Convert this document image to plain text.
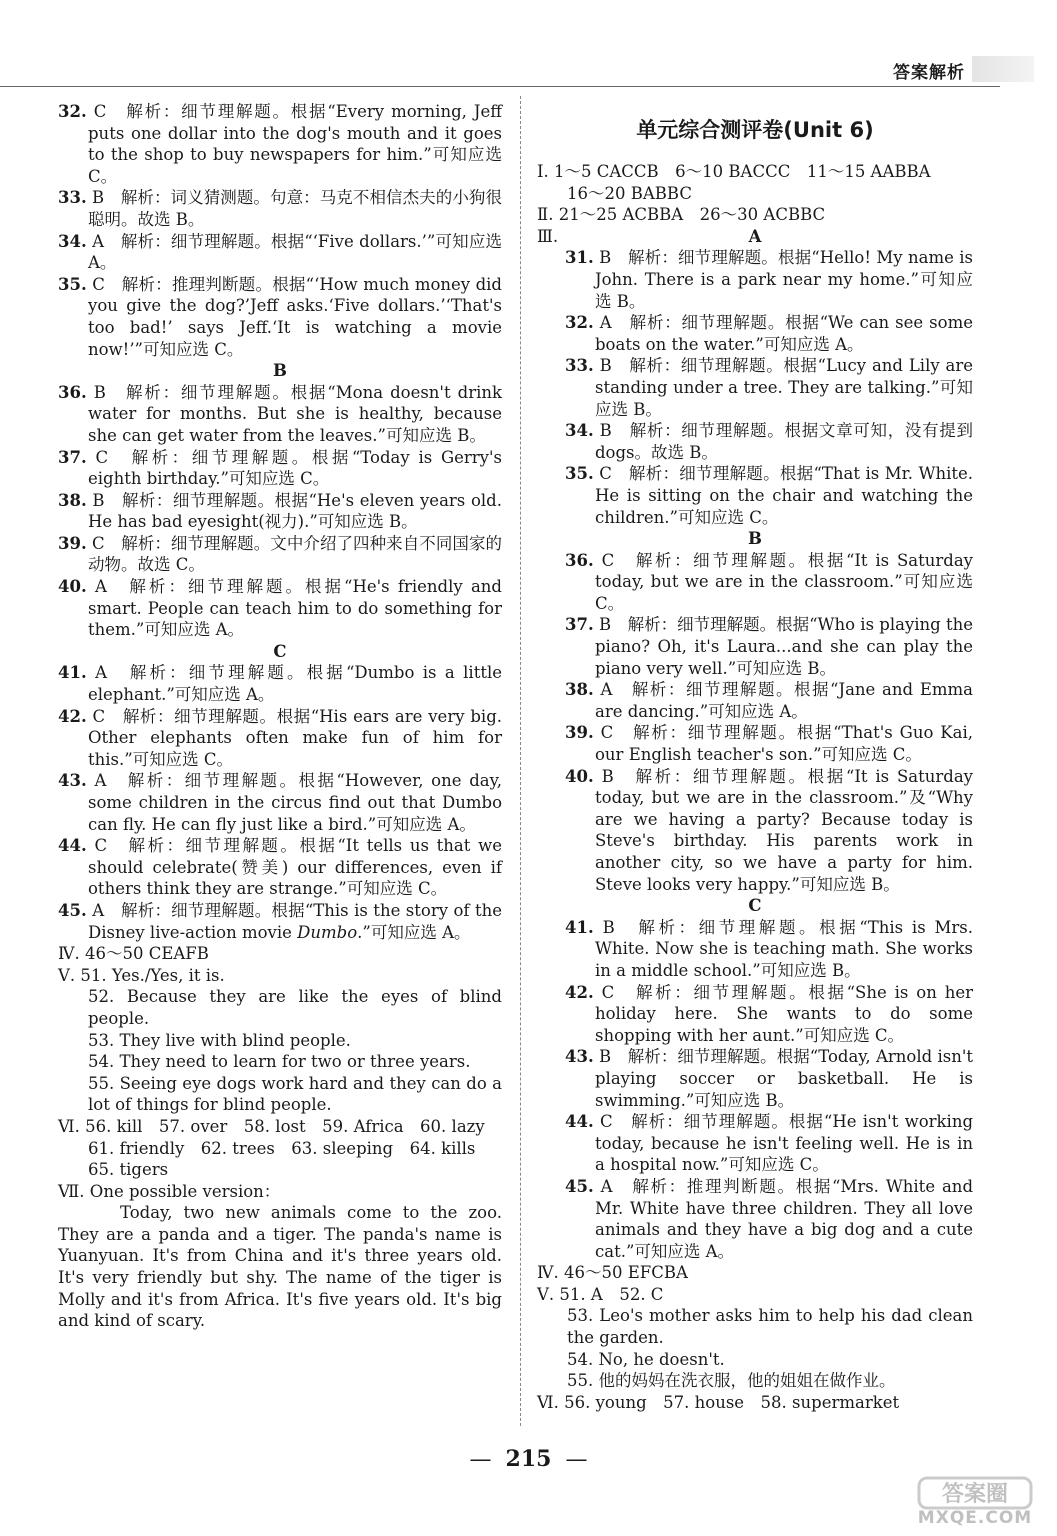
答案解析

32. C　解析：细节理解题。根据“Every morning, Jeff puts one dollar into the dog's mouth and it goes to the shop to buy newspapers for him.”可知应选 C。

33. B　解析：词义猜测题。句意：马克不相信杰夫的小狗很聪明。故选 B。

34. A　解析：细节理解题。根据“‘Five dollars.’”可知应选 A。

35. C　解析：推理判断题。根据“‘How much money did you give the dog?’Jeff asks.‘Five dollars.’‘That's too bad!’ says Jeff.‘It is watching a movie now!’”可知应选 C。

B

36. B　解析：细节理解题。根据“Mona doesn't drink water for months. But she is healthy, because she can get water from the leaves.”可知应选 B。

37. C　解析：细节理解题。根据“Today is Gerry's eighth birthday.”可知应选 C。

38. B　解析：细节理解题。根据“He's eleven years old. He has bad eyesight(视力).”可知应选 B。

39. C　解析：细节理解题。文中介绍了四种来自不同国家的动物。故选 C。

40. A　解析：细节理解题。根据“He's friendly and smart. People can teach him to do something for them.”可知应选 A。

C

41. A　解析：细节理解题。根据“Dumbo is a little elephant.”可知应选 A。

42. C　解析：细节理解题。根据“His ears are very big. Other elephants often make fun of him for this.”可知应选 C。

43. A　解析：细节理解题。根据“However, one day, some children in the circus find out that Dumbo can fly. He can fly just like a bird.”可知应选 A。

44. C　解析：细节理解题。根据“It tells us that we should celebrate(赞美) our differences, even if others think they are strange.”可知应选 C。

45. A　解析：细节理解题。根据“This is the story of the Disney live-action movie Dumbo.”可知应选 A。

Ⅳ. 46～50 CEAFB

Ⅴ. 51. Yes./Yes, it is.

52. Because they are like the eyes of blind people.

53. They live with blind people.

54. They need to learn for two or three years.

55. Seeing eye dogs work hard and they can do a lot of things for blind people.

Ⅵ. 56. kill　57. over　58. lost　59. Africa　60. lazy

61. friendly　62. trees　63. sleeping　64. kills

65. tigers

Ⅶ. One possible version：

Today, two new animals come to the zoo. They are a panda and a tiger. The panda's name is Yuanyuan. It's from China and it's three years old. It's very friendly but shy. The name of the tiger is Molly and it's from Africa. It's five years old. It's big and kind of scary.

单元综合测评卷(Unit 6)

Ⅰ. 1～5 CACCB　6～10 BACCC　11～15 AABBA

16～20 BABBC

Ⅱ. 21～25 ACBBA　26～30 ACBBC

Ⅲ.	A

31. B　解析：细节理解题。根据“Hello! My name is John. There is a park near my home.”可知应选 B。

32. A　解析：细节理解题。根据“We can see some boats on the water.”可知应选 A。

33. B　解析：细节理解题。根据“Lucy and Lily are standing under a tree. They are talking.”可知应选 B。

34. B　解析：细节理解题。根据文章可知，没有提到 dogs。故选 B。

35. C　解析：细节理解题。根据“That is Mr. White. He is sitting on the chair and watching the children.”可知应选 C。

B

36. C　解析：细节理解题。根据“It is Saturday today, but we are in the classroom.”可知应选 C。

37. B　解析：细节理解题。根据“Who is playing the piano? Oh, it's Laura...and she can play the piano very well.”可知应选 B。

38. A　解析：细节理解题。根据“Jane and Emma are dancing.”可知应选 A。

39. C　解析：细节理解题。根据“That's Guo Kai, our English teacher's son.”可知应选 C。

40. B　解析：细节理解题。根据“It is Saturday today, but we are in the classroom.”及“Why are we having a party? Because today is Steve's birthday. His parents work in another city, so we have a party for him. Steve looks very happy.”可知应选 B。

C

41. B　解析：细节理解题。根据“This is Mrs. White. Now she is teaching math. She works in a middle school.”可知应选 B。

42. C　解析：细节理解题。根据“She is on her holiday here. She wants to do some shopping with her aunt.”可知应选 C。

43. B　解析：细节理解题。根据“Today, Arnold isn't playing soccer or basketball. He is swimming.”可知应选 B。

44. C　解析：细节理解题。根据“He isn't working today, because he isn't feeling well. He is in a hospital now.”可知应选 C。

45. A　解析：推理判断题。根据“Mrs. White and Mr. White have three children. They all love animals and they have a big dog and a cute cat.”可知应选 A。

Ⅳ. 46～50 EFCBA

Ⅴ. 51. A　52. C

53. Leo's mother asks him to help his dad clean the garden.

54. No, he doesn't.

55. 他的妈妈在洗衣服，他的姐姐在做作业。

Ⅵ. 56. young　57. house　58. supermarket

— 215 —
答案圈
MXQE.COM
